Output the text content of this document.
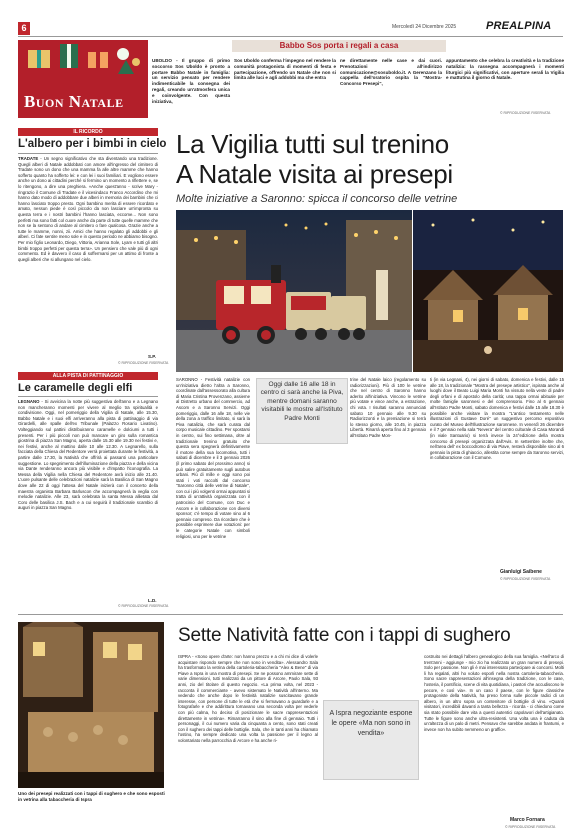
6	Mercoledì 24 Dicembre 2025	PREALPINA
Buon Natale
UBOLDO - Il gruppo di primo soccorso Sos Uboldo è pronto a portare Babbo Natale in famiglia: un servizio pensato per rendere indimenticabile la consegna dei regali, creando un'atmosfera unica e coinvolgente. Con questa iniziativa,
Babbo Sos porta i regali a casa
Sos Uboldo conferma l'impegno nel rendere la comunità protagonista di momenti di festa e partecipazione, offrendo un Natale che non si limita alle luci e agli addobbi ma che entra
ne direttamente nelle case e dai cuori. Prenotazioni all'indirizzo comunicazione@sosuboldo.it. A Gerenzano la cappella dell'oratorio ospita la "Mostra-Concorso Presepi",
appuntamento che celebra la creatività e la tradizione natalizia: la rassegna accompagnerà i momenti liturgici più significativi, con aperture serali la Vigilia e mattutina il giorno di Natale.
© RIPRODUZIONE RISERVATA
IL RICORDO
L'albero per i bimbi in cielo
TRADATE - Un segno significativo che sta diventando una tradizione. Quegli alberi di Natale addobbati con amore all'ingresso del cimitero di Tradate sono un dono che una mamma fa alle altre mamme che hanno sofferto quanto ha sofferto lei: e con lei i suoi familiari. E vogliono essere anche un dono ai cittadini perché si fermino un momento a riflettere e, se lo ritengono, a dire una preghiera. «Anche quest'anno - scrive Mary - ringrazio il Comune di Tradate e il vicesindaco Franco Accordino che mi hanno dato modo di addobbare due alberi in memoria dei bambini che ci hanno lasciato troppo presto. Ogni bambino merita di essere ricordato e amato, nessun piede è così piccolo da non lasciare un'impronta su questa terra e i nostri bambini l'hanno lasciata, eccome... Non sono perfetti ma sono fatti col cuore anche da parte di tutte quelle mamme che non se la sentono di andare al cimitero o fare qualcosa. Grazie anche a tutte le mamme, nonni, zii. Amici che hanno regalato gli addobbi e gli alberi. Ci fate sentire meno sole e in questo periodo ne abbiamo bisogno. Per mio figlio Leonardo, Diego, Vittoria, Arianna Sole, Lyam e tutti gli altri bimbi troppo perfetti per questa terra». Un pensiero che vale più di ogni commento. Ed è davvero il caso di soffermarsi per un attimo di fronte a quegli alberi che si allungano nel cielo.
S.P.
© RIPRODUZIONE RISERVATA
ALLA PISTA DI PATTINAGGIO
Le caramelle degli elfi
LEGNANO - Si avvicina la notte più suggestiva dell'anno e a Legnano non mancheranno momenti per vivere al meglio tra spiritualità e condivisione. Oggi, nel pomeriggio della Vigilia di Natale, alle 15.30, Babbo Natale e i suoi elfi arriveranno alla pista di pattinaggio di via Girardelli, alle spalle dell'ex Tribunale (Palazzo Rosario Livatino). Volteggiando sul pattini distribuiranno caramelle e dolciumi a tutti i presenti. Per i più piccoli non può mancare un giro sulla romantica giostrina di piazza San Magno, aperta dalle 15.30 alle 19.30 nei festivi e, nei festivi, anche al mattino dalle 10 alle 12.30. A Legnarello, sulla facciata della Chiesa del Redentore verrà proiettata durante le festività, a partire dalle 17.30, la Natività che offrirà ai passanti una particolare suggestione. Lo spegnimento dell'illuminazione della piazza e della vicina via Dante renderanno ancora più visibile e d'impatto l'iconografia. La Messa della Vigilia nella Chiesa del Redentore avrà inizio alle 21.40. L'uore pulsante delle celebrazioni natalizie sarà la Basilica di San Magno dove alle 22 di oggi l'attesa del Natale inizierà con il concerto della maestra organista Barbara Barluscon che accompagnerà la veglia con melodie natalizie. Alle 23, sarà celebrata la santa Messa allietata dal Coro delle basilica J.S. Bach e a cui seguirà il tradizionale scambio di auguri in piazza San Magno.
L.D.
© RIPRODUZIONE RISERVATA
La Vigilia tutti sul trenino
A Natale visita ai presepi
Molte iniziative a Saronno: spicca il concorso delle vetrine
SARONNO - Festività natalizie con un'iniziativa dietro l'altra a Saronno, coordinate dall'assessorato alla cultura di Maria Cristina Provenzano, assieme al Distretto urbano del commercio, ad Ascom e a Saronno Servizi. Oggi pomeriggio, dalle 16 alle 18, nelle vie della zona a traffico limitato, si sarà la Piva natalizia, che sarà curata dal corpo musicale cittadino. Per spostarsi in centro, sui fino settimana, oltre al tradizionale trenino gratuito che questa sera spegnerà definitivamente il motore della sua locomotiva, tutti i sabati di dicembre e il 3 gennaio 2026 (il primo sabato del prossimo anno) si può salire gratuitamente sugli autobus urbani. Più di mille e oggi sono poi stati i voti raccolti dal concorso "Saronno città delle vetrine di Natale", con cui i più volgenti ormai appuntati si tratta di un'attività organizzata con il patrocinio del Comune, con Duc e Ascom e in collaborazione con diversi sponsor; c'è tempo di votare sino al 6 gennaio compreso. Da ricordare che è possibile esprimere due votazioni: per le categorie Natale con simboli religiosi, uno per le vetrine
Oggi dalle 16 alle 18 in centro ci sarà anche la Piva, mentre domani saranno visitabili le mostre all'Istituto Padre Monti
trine del Natale laico (regolamento su radiorizzazioni). Più di 100 le vetrine che nel centro di Saronno hanno aderito all'iniziativa. Vincono le vetrine più votate e vince anche, a estrazione, chi vota. I risultati saranno annunciati sabato 10 gennaio alle 9.30 su Radiorizzonti e la premiazione si terrà lo stesso giorno, alle 10.45, in piazza Libertà. Rinarrà aperta fino al 3 gennaio all'Istituto Padre Mon-
ti (in via Legnani, 4), nei giorni di sabato, domenica e festivi, dalle 15 alle 18, la tradizionale "Mostra del presepe artistico", ispirata anche al luoghi dove il Beato Luigi Maria Monti ha vissuto nella veste di padre degli orfani e di apostolo della carità; una tappa ormai abituale per molte famiglie saronnesi e del comprensorio. Fino al 6 gennaio all'Istituto Padre Monti, sabato domenica e festivi dalle 15 alle 18.30 è possibile anche visitare la mostra "L'antico testamento nelle illustrazioni di Gustave Doré" un suggestivo percorso espositivo curato del Museo dell'Illustrazione saronnese. In venerdì 26 dicembre e il 7 gennaio nella sala "Nevera" del centro culturale di Casa Morandi (in viale Santuario) si terrà invece la 24°edizione della mostra concorso di presepi organizzata dall'Avis. In settembre inoltre che, nell'area dell' ex boccodromo di via Piave, resterà disponibile sino al 6 gennaio la pista di ghiaccio, allestita come sempre da Saronno servizi, in collaborazione con il Comune.
Gianluigi Saibene
© RIPRODUZIONE RISERVATA
Uno dei presepi realizzati con i tappi di sughero e che sono esposti in vetrina alla tabaccheria di Ispra
Sette Natività fatte con i tappi di sughero
ISPRA - «Sono opere d'arte: non hanno prezzo e a chi mi dice di volerle acquistare rispondo sempre che non sono in vendita». Alessandro Sala ha trasformato la vetrina della cartoleria-tabaccheria "Alex & Bene" di via Piave a Ispra in una mostra di presepi. Se ne possono ammirare sette di varie dimensioni, tutti realizzati da un pittore di Arcore, Paolo Sala, 93 anni, zio del titolare di questo negozio. «La prima volta, nel 2023 - racconta il commerciante - avevo sistemato le Natività all'interno. Ma vedendo che anche dopo le festività natalizie suscitavano grande interesse, con persone di tutte le età che si fermavano a guardarle e a fotografarle e che addirittura tornavano una seconda volta per vederle con più calma, ho deciso di posizionare le sacre rappresentazioni direttamente in vetrina». Rimarranno il sino alla fine di gennaio. Tutti i personaggi, il cui numero varia da cinquanta a cento, sono stati creati con il sughero dei tappi delle bottiglie. Sala, che in tanti anni ha chiamato l'ostino, ha sempre dedicato una volta la passione per il legno al volontariato nella parrocchia di Arcore e ha anche ri-
A Ispra negoziante espone le opere «Ma non sono in vendita»
costruito nei dettagli l'albero genealogico della sua famiglia. «Nell'arco di trent'anni - aggiunge - mio zio ha realizzato un gran numero di presepi. Solo per passione. Non gli è mai interessato partecipare ai concorsi. Molti li ha regalati, altri ho voluto esporli nella nostra cartoleria-tabaccheria. Sono sacre rappresentazioni all'insegna della tradizione, con le case, l'osteria, il pontificio, scene di vita quotidiana, i pastori che accudiscono le pecore, e così via». In un caso il paese, con le figure classiche protagoniste della Natività, ha preso forma sulle piccole radici di un albero, in un altro sopra un contenitore di bottiglie di vino. «Quanti visitatori, incredibili davanti a tanta bellezza - ricorda - ci chiedono come sia stato possibile dare vita a questi autentici capolavori dell'artigianato. Tutte le figure sono anche ultra-resistenti. Una volta una è caduta da un'altezza di un palo di metri. Pensavo che sarebbe andata in frantumi, e invece non ha subito nemmeno un graffio».
Marco Fornara
© RIPRODUZIONE RISERVATA
